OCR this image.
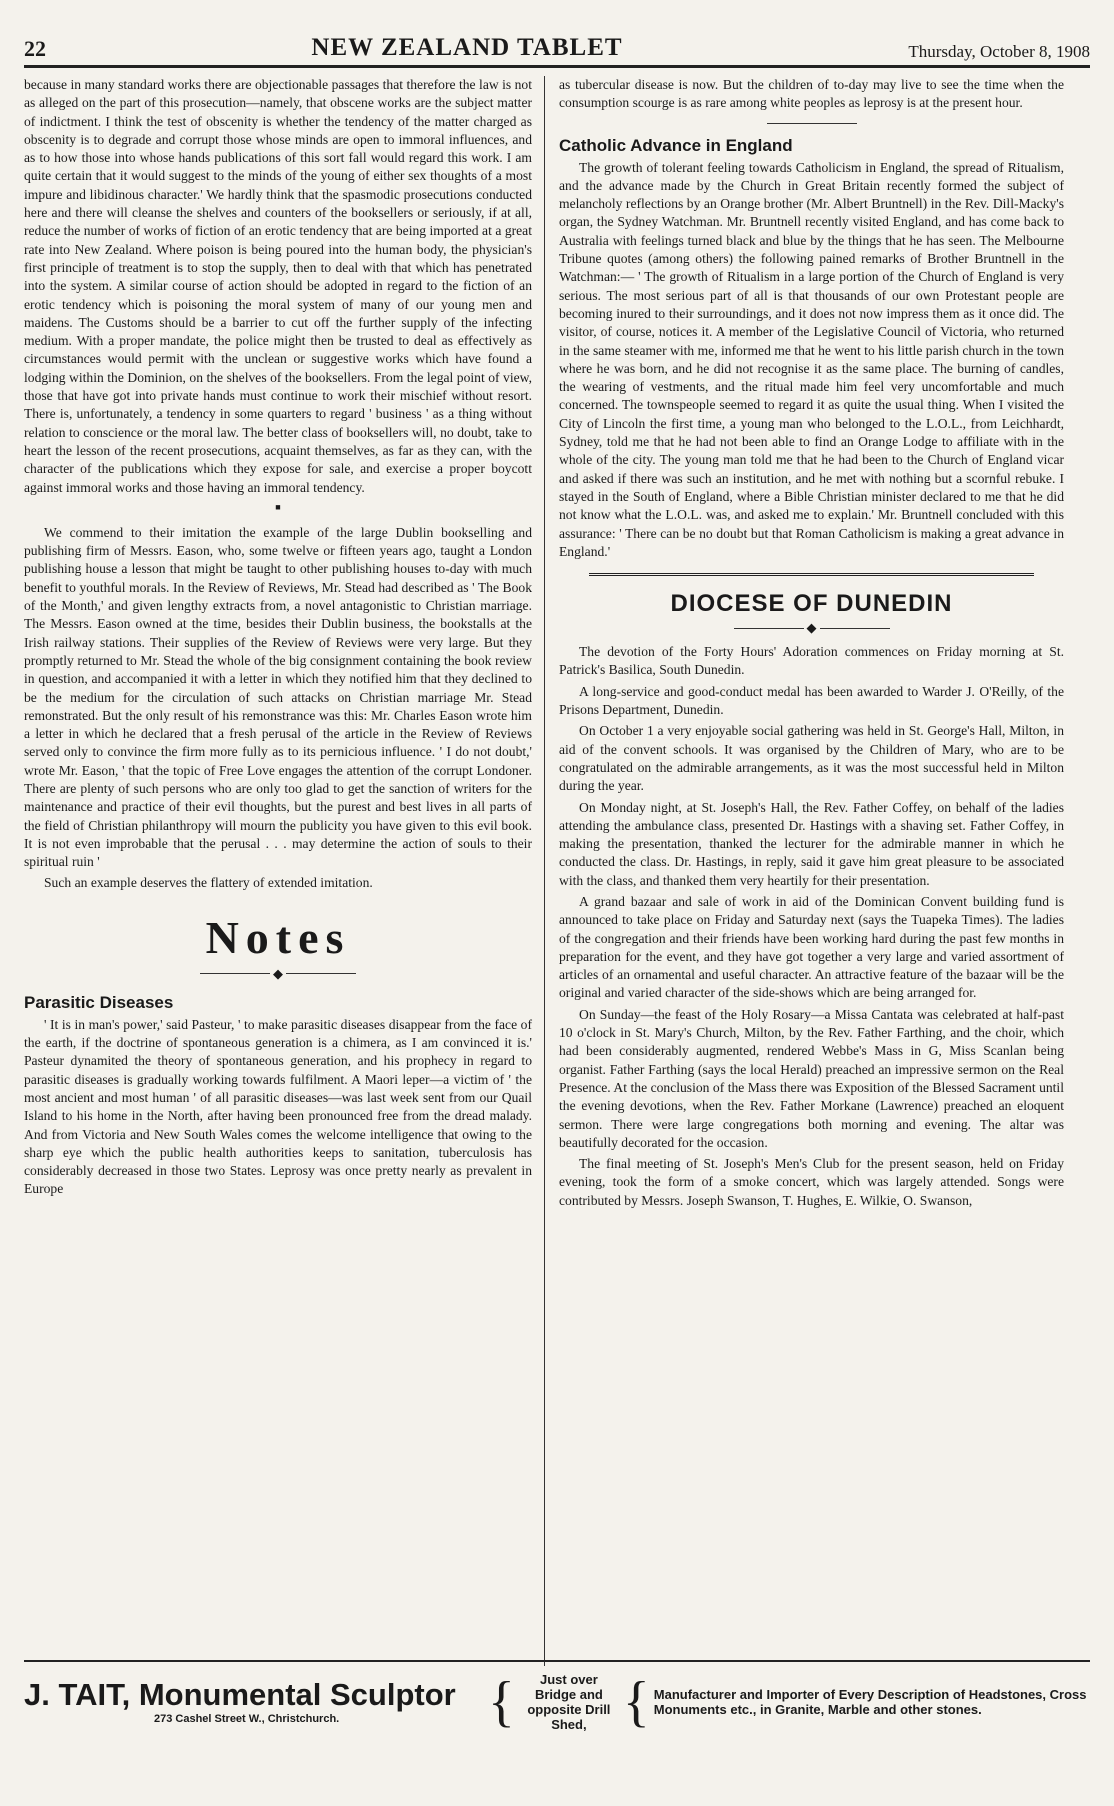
22	NEW ZEALAND TABLET	Thursday, October 8, 1908

because in many standard works there are objectionable passages that therefore the law is not as alleged on the part of this prosecution—namely, that obscene works are the subject matter of indictment. I think the test of obscenity is whether the tendency of the matter charged as obscenity is to degrade and corrupt those whose minds are open to immoral influences, and as to how those into whose hands publications of this sort fall would regard this work. I am quite certain that it would suggest to the minds of the young of either sex thoughts of a most impure and libidinous character.' We hardly think that the spasmodic prosecutions conducted here and there will cleanse the shelves and counters of the booksellers or seriously, if at all, reduce the number of works of fiction of an erotic tendency that are being imported at a great rate into New Zealand. Where poison is being poured into the human body, the physician's first principle of treatment is to stop the supply, then to deal with that which has penetrated into the system. A similar course of action should be adopted in regard to the fiction of an erotic tendency which is poisoning the moral system of many of our young men and maidens. The Customs should be a barrier to cut off the further supply of the infecting medium. With a proper mandate, the police might then be trusted to deal as effectively as circumstances would permit with the unclean or suggestive works which have found a lodging within the Dominion, on the shelves of the booksellers. From the legal point of view, those that have got into private hands must continue to work their mischief without resort. There is, unfortunately, a tendency in some quarters to regard ' business ' as a thing without relation to conscience or the moral law. The better class of booksellers will, no doubt, take to heart the lesson of the recent prosecutions, acquaint themselves, as far as they can, with the character of the publications which they expose for sale, and exercise a proper boycott against immoral works and those having an immoral tendency.

■

We commend to their imitation the example of the large Dublin bookselling and publishing firm of Messrs. Eason, who, some twelve or fifteen years ago, taught a London publishing house a lesson that might be taught to other publishing houses to-day with much benefit to youthful morals. In the Review of Reviews, Mr. Stead had described as ' The Book of the Month,' and given lengthy extracts from, a novel antagonistic to Christian marriage. The Messrs. Eason owned at the time, besides their Dublin business, the bookstalls at the Irish railway stations. Their supplies of the Review of Reviews were very large. But they promptly returned to Mr. Stead the whole of the big consignment containing the book review in question, and accompanied it with a letter in which they notified him that they declined to be the medium for the circulation of such attacks on Christian marriage Mr. Stead remonstrated. But the only result of his remonstrance was this: Mr. Charles Eason wrote him a letter in which he declared that a fresh perusal of the article in the Review of Reviews served only to convince the firm more fully as to its pernicious influence. ' I do not doubt,' wrote Mr. Eason, ' that the topic of Free Love engages the attention of the corrupt Londoner. There are plenty of such persons who are only too glad to get the sanction of writers for the maintenance and practice of their evil thoughts, but the purest and best lives in all parts of the field of Christian philanthropy will mourn the publicity you have given to this evil book. It is not even improbable that the perusal . . . may determine the action of souls to their spiritual ruin '

Such an example deserves the flattery of extended imitation.

Notes
◆
Parasitic Diseases

' It is in man's power,' said Pasteur, ' to make parasitic diseases disappear from the face of the earth, if the doctrine of spontaneous generation is a chimera, as I am convinced it is.' Pasteur dynamited the theory of spontaneous generation, and his prophecy in regard to parasitic diseases is gradually working towards fulfilment. A Maori leper—a victim of ' the most ancient and most human ' of all parasitic diseases—was last week sent from our Quail Island to his home in the North, after having been pronounced free from the dread malady. And from Victoria and New South Wales comes the welcome intelligence that owing to the sharp eye which the public health authorities keeps to sanitation, tuberculosis has considerably decreased in those two States. Leprosy was once pretty nearly as prevalent in Europe

as tubercular disease is now. But the children of to-day may live to see the time when the consumption scourge is as rare among white peoples as leprosy is at the present hour.

Catholic Advance in England

The growth of tolerant feeling towards Catholicism in England, the spread of Ritualism, and the advance made by the Church in Great Britain recently formed the subject of melancholy reflections by an Orange brother (Mr. Albert Bruntnell) in the Rev. Dill-Macky's organ, the Sydney Watchman. Mr. Bruntnell recently visited England, and has come back to Australia with feelings turned black and blue by the things that he has seen. The Melbourne Tribune quotes (among others) the following pained remarks of Brother Bruntnell in the Watchman:— ' The growth of Ritualism in a large portion of the Church of England is very serious. The most serious part of all is that thousands of our own Protestant people are becoming inured to their surroundings, and it does not now impress them as it once did. The visitor, of course, notices it. A member of the Legislative Council of Victoria, who returned in the same steamer with me, informed me that he went to his little parish church in the town where he was born, and he did not recognise it as the same place. The burning of candles, the wearing of vestments, and the ritual made him feel very uncomfortable and much concerned. The townspeople seemed to regard it as quite the usual thing. When I visited the City of Lincoln the first time, a young man who belonged to the L.O.L., from Leichhardt, Sydney, told me that he had not been able to find an Orange Lodge to affiliate with in the whole of the city. The young man told me that he had been to the Church of England vicar and asked if there was such an institution, and he met with nothing but a scornful rebuke. I stayed in the South of England, where a Bible Christian minister declared to me that he did not know what the L.O.L. was, and asked me to explain.' Mr. Bruntnell concluded with this assurance: ' There can be no doubt but that Roman Catholicism is making a great advance in England.'

DIOCESE OF DUNEDIN
◆

The devotion of the Forty Hours' Adoration commences on Friday morning at St. Patrick's Basilica, South Dunedin.

A long-service and good-conduct medal has been awarded to Warder J. O'Reilly, of the Prisons Department, Dunedin.

On October 1 a very enjoyable social gathering was held in St. George's Hall, Milton, in aid of the convent schools. It was organised by the Children of Mary, who are to be congratulated on the admirable arrangements, as it was the most successful held in Milton during the year.

On Monday night, at St. Joseph's Hall, the Rev. Father Coffey, on behalf of the ladies attending the ambulance class, presented Dr. Hastings with a shaving set. Father Coffey, in making the presentation, thanked the lecturer for the admirable manner in which he conducted the class. Dr. Hastings, in reply, said it gave him great pleasure to be associated with the class, and thanked them very heartily for their presentation.

A grand bazaar and sale of work in aid of the Dominican Convent building fund is announced to take place on Friday and Saturday next (says the Tuapeka Times). The ladies of the congregation and their friends have been working hard during the past few months in preparation for the event, and they have got together a very large and varied assortment of articles of an ornamental and useful character. An attractive feature of the bazaar will be the original and varied character of the side-shows which are being arranged for.

On Sunday—the feast of the Holy Rosary—a Missa Cantata was celebrated at half-past 10 o'clock in St. Mary's Church, Milton, by the Rev. Father Farthing, and the choir, which had been considerably augmented, rendered Webbe's Mass in G, Miss Scanlan being organist. Father Farthing (says the local Herald) preached an impressive sermon on the Real Presence. At the conclusion of the Mass there was Exposition of the Blessed Sacrament until the evening devotions, when the Rev. Father Morkane (Lawrence) preached an eloquent sermon. There were large congregations both morning and evening. The altar was beautifully decorated for the occasion.

The final meeting of St. Joseph's Men's Club for the present season, held on Friday evening, took the form of a smoke concert, which was largely attended. Songs were contributed by Messrs. Joseph Swanson, T. Hughes, E. Wilkie, O. Swanson,

J. TAIT, Monumental Sculptor
273 Cashel Street W., Christchurch.	{	Just over Bridge and opposite Drill Shed, { Manufacturer and Importer of Every Description of Headstones, Cross Monuments etc., in Granite, Marble and other stones.
